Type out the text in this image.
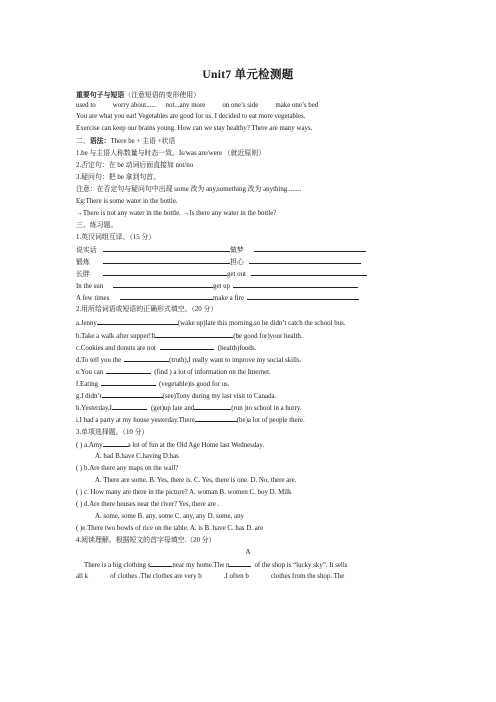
Unit7 单元检测题
重要句子与短语（注意短语的变形使用）
used to worry about...... not...any more on one’s side make one’s bed
You are what you eat! Vegetables are good for us. I decided to eat more vegetables.
Exercise can keep our brains young. How can we stay healthy? There are many ways.
二、语法：There be + 主语 +状语
1.be 与主语人称数量与时态一致。Is/was are/were （就近原则）
2.否定句：在 be 动词后面直接加 not/no
3.疑问句：把 be 拿到句首。
注意：在否定句与疑问句中出现 some 改为 any,something 改为 anything........
Eg:There is some water in the bottle.
→There is not any water in the bottle. →Is there any water in the bottle?
三、练习题。
1.英汉词组互译。（15 分）
说实话	做梦
锻炼	担心
长胖	get out
In the sun	get up
A few times	make a fire
2.用所给词语或短语的正确形式填空。（20 分）
a.Jenny	(wake up)late this morning,so he didn’t catch the school bus.
b.Take a walk after supper!It	(be good for)your health.
c.Cookies and donuts are not	(health)foods.
d.To tell you the	(truth),I really want to improve my social skills.
e.You can	(find ) a lot of information on the Internet.
f.Eating	(vegetable)is good for us.
g.I didn’t	(see)Tony during my last visit to Canada.
h.Yesterday,I	(get)up late and	(run )to school in a hurry.
i.I had a party at my house yesterday.There	(be)a lot of people there.
3.单项选择题。（10 分）
( ) a.Amy	a lot of fun at the Old Age Home last Wednesday.
A. had B.have C.having D.has
( ) b.Are there any maps on the wall?
A. There are some. B. Yes, there is. C. Yes, there is one. D. No, there are.
( ) c. How many are there in the picture? A. woman B. women C. boy D. Milk
( ) d.Are there houses near the river? Yes, there are .
A. some, some B. any, some C. any, any D. some, any
( )e.There two bowls of rice on the table. A. is B. have C. has D. are
4.阅读理解。根据短文的首字母填空.（20 分）
A
There is a big clothing s	near my home.The n	of the shop is “lucky sky”. It sells
all k	of clothes .The clothes are very b	.I often b	clothes from the shop. The
